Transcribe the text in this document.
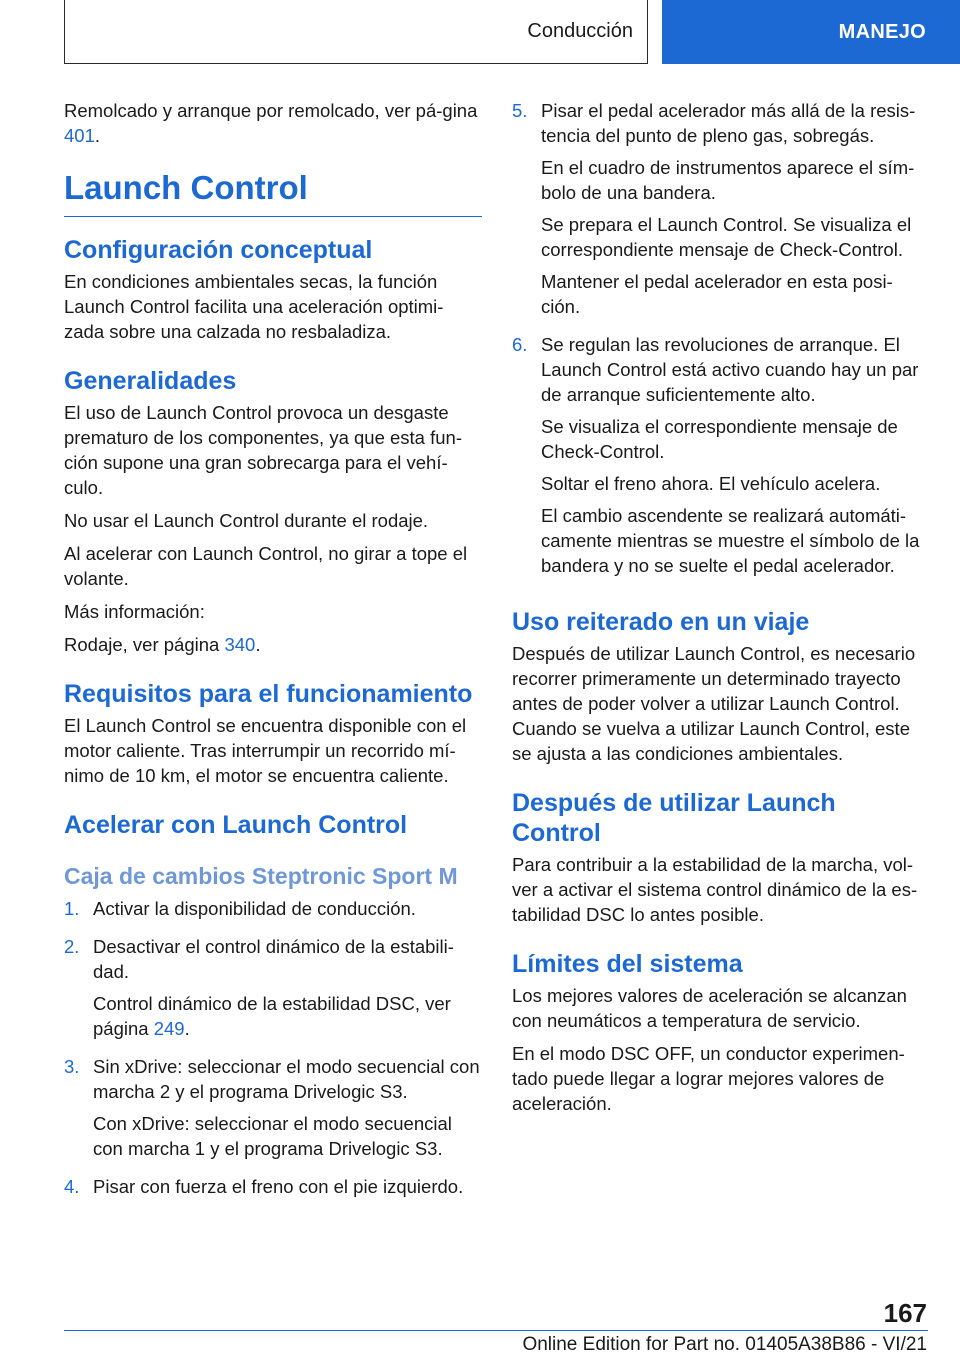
Conducción	MANEJO

Remolcado y arranque por remolcado, ver pá-gina 401.

Launch Control
Configuración conceptual

En condiciones ambientales secas, la función Launch Control facilita una aceleración optimi-zada sobre una calzada no resbaladiza.

Generalidades

El uso de Launch Control provoca un desgaste prematuro de los componentes, ya que esta fun-ción supone una gran sobrecarga para el vehí-culo.

No usar el Launch Control durante el rodaje.

Al acelerar con Launch Control, no girar a tope el volante.

Más información:

Rodaje, ver página 340.

Requisitos para el funcionamiento

El Launch Control se encuentra disponible con el motor caliente. Tras interrumpir un recorrido mí-nimo de 10 km, el motor se encuentra caliente.

Acelerar con Launch Control
Caja de cambios Steptronic Sport M
1. Activar la disponibilidad de conducción.

2. Desactivar el control dinámico de la estabili-dad.

Control dinámico de la estabilidad DSC, ver página 249.

3. Sin xDrive: seleccionar el modo secuencial con marcha 2 y el programa Drivelogic S3.

Con xDrive: seleccionar el modo secuencial con marcha 1 y el programa Drivelogic S3.

4. Pisar con fuerza el freno con el pie izquierdo.

5. Pisar el pedal acelerador más allá de la resis-tencia del punto de pleno gas, sobregás.

En el cuadro de instrumentos aparece el sím-bolo de una bandera.

Se prepara el Launch Control. Se visualiza el correspondiente mensaje de Check-Control.

Mantener el pedal acelerador en esta posi-ción.

6. Se regulan las revoluciones de arranque. El Launch Control está activo cuando hay un par de arranque suficientemente alto.

Se visualiza el correspondiente mensaje de Check-Control.

Soltar el freno ahora. El vehículo acelera.

El cambio ascendente se realizará automáti-camente mientras se muestre el símbolo de la bandera y no se suelte el pedal acelerador.

Uso reiterado en un viaje

Después de utilizar Launch Control, es necesario recorrer primeramente un determinado trayecto antes de poder volver a utilizar Launch Control. Cuando se vuelva a utilizar Launch Control, este se ajusta a las condiciones ambientales.

Después de utilizar Launch Control

Para contribuir a la estabilidad de la marcha, vol-ver a activar el sistema control dinámico de la es-tabilidad DSC lo antes posible.

Límites del sistema

Los mejores valores de aceleración se alcanzan con neumáticos a temperatura de servicio.

En el modo DSC OFF, un conductor experimen-tado puede llegar a lograr mejores valores de aceleración.

167
Online Edition for Part no. 01405A38B86 - VI/21
